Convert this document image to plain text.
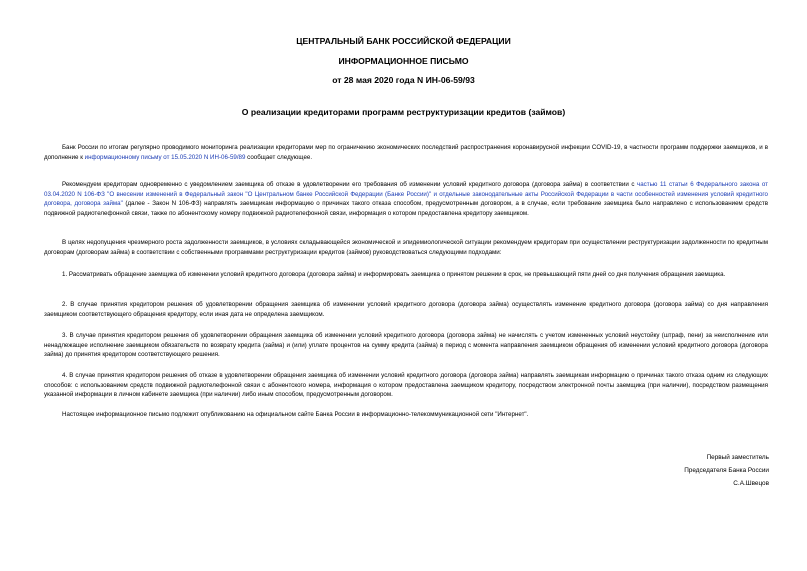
ЦЕНТРАЛЬНЫЙ БАНК РОССИЙСКОЙ ФЕДЕРАЦИИ
ИНФОРМАЦИОННОЕ ПИСЬМО
от 28 мая 2020 года N ИН-06-59/93
О реализации кредиторами программ реструктуризации кредитов (займов)

Банк России по итогам регулярно проводимого мониторинга реализации кредиторами мер по ограничению экономических последствий распространения коронавирусной инфекции COVID-19, в частности программ поддержки заемщиков, и в дополнение к информационному письму от 15.05.2020 N ИН-06-59/89 сообщает следующее.

Рекомендуем кредиторам одновременно с уведомлением заемщика об отказе в удовлетворении его требования об изменении условий кредитного договора (договора займа) в соответствии с частью 11 статьи 6 Федерального закона от 03.04.2020 N 106-ФЗ "О внесении изменений в Федеральный закон "О Центральном банке Российской Федерации (Банке России)" и отдельные законодательные акты Российской Федерации в части особенностей изменения условий кредитного договора, договора займа" (далее - Закон N 106-ФЗ) направлять заемщикам информацию о причинах такого отказа способом, предусмотренным договором, а в случае, если требование заемщика было направлено с использованием средств подвижной радиотелефонной связи, также по абонентскому номеру подвижной радиотелефонной связи, информация о котором предоставлена кредитору заемщиком.

В целях недопущения чрезмерного роста задолженности заемщиков, в условиях складывающейся экономической и эпидемиологической ситуации рекомендуем кредиторам при осуществлении реструктуризации задолженности по кредитным договорам (договорам займа) в соответствии с собственными программами реструктуризации кредитов (займов) руководствоваться следующими подходами:

1. Рассматривать обращение заемщика об изменении условий кредитного договора (договора займа) и информировать заемщика о принятом решении в срок, не превышающий пяти дней со дня получения обращения заемщика.

2. В случае принятия кредитором решения об удовлетворении обращения заемщика об изменении условий кредитного договора (договора займа) осуществлять изменение кредитного договора (договора займа) со дня направления заемщиком соответствующего обращения кредитору, если иная дата не определена заемщиком.

3. В случае принятия кредитором решения об удовлетворении обращения заемщика об изменении условий кредитного договора (договора займа) не начислять с учетом измененных условий неустойку (штраф, пени) за неисполнение или ненадлежащее исполнение заемщиком обязательств по возврату кредита (займа) и (или) уплате процентов на сумму кредита (займа) в период с момента направления заемщиком обращения об изменении условий кредитного договора (договора займа) до принятия кредитором соответствующего решения.

4. В случае принятия кредитором решения об отказе в удовлетворении обращения заемщика об изменении условий кредитного договора (договора займа) направлять заемщикам информацию о причинах такого отказа одним из следующих способов: с использованием средств подвижной радиотелефонной связи с абонентского номера, информация о котором предоставлена заемщиком кредитору, посредством электронной почты заемщика (при наличии), посредством размещения указанной информации в личном кабинете заемщика (при наличии) либо иным способом, предусмотренным договором.

Настоящее информационное письмо подлежит опубликованию на официальном сайте Банка России в информационно-телекоммуникационной сети "Интернет".

Первый заместитель
Председателя Банка России
С.А.Швецов
